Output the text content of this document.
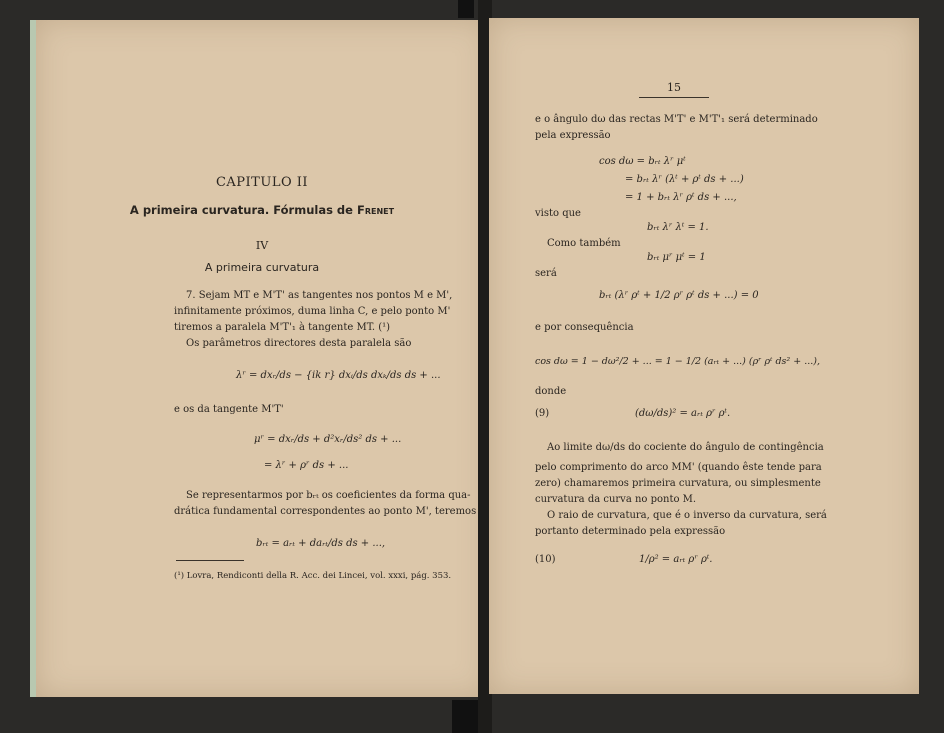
CAPITULO II
A primeira curvatura. Fórmulas de Frenet
IV
A primeira curvatura
7. Sejam MT e M'T' as tangentes nos pontos M e M',
infinitamente próximos, duma linha C, e pelo ponto M'
tiremos a paralela M'T'₁ à tangente MT. (¹)
Os parâmetros directores desta paralela são
λʳ = dxᵣ/ds − {ik r} dxᵢ/ds dxₖ/ds ds + ...
e os da tangente M'T'
μʳ = dxᵣ/ds + d²xᵣ/ds² ds + ...
= λʳ + ρʳ ds + ...
Se representarmos por bᵣₜ os coeficientes da forma qua-
drática fundamental correspondentes ao ponto M', teremos
bᵣₜ = aᵣₜ + daᵣₜ/ds ds + ...,
(¹) Lovra, Rendiconti della R. Acc. dei Lincei, vol. xxxi, pág. 353.
15
e o ângulo dω das rectas M'T' e M'T'₁ será determinado
pela expressão
cos dω = bᵣₜ λʳ μᵗ
= bᵣₜ λʳ (λᵗ + ρᵗ ds + ...)
= 1 + bᵣₜ λʳ ρᵗ ds + ...,
visto que
bᵣₜ λʳ λᵗ = 1.
Como também
bᵣₜ μʳ μᵗ = 1
será
bᵣₜ (λʳ ρᵗ + 1/2 ρʳ ρᵗ ds + ...) = 0
e por consequência
cos dω = 1 − dω²/2 + ... = 1 − 1/2 (aᵣₜ + ...) (ρʳ ρᵗ ds² + ...),
donde
(9)	(dω/ds)² = aᵣₜ ρʳ ρᵗ.
Ao limite dω/ds do cociente do ângulo de contingência
pelo comprimento do arco MM' (quando êste tende para
zero) chamaremos primeira curvatura, ou simplesmente
curvatura da curva no ponto M.
O raio de curvatura, que é o inverso da curvatura, será
portanto determinado pela expressão
(10)	1/ρ² = aᵣₜ ρʳ ρᵗ.
